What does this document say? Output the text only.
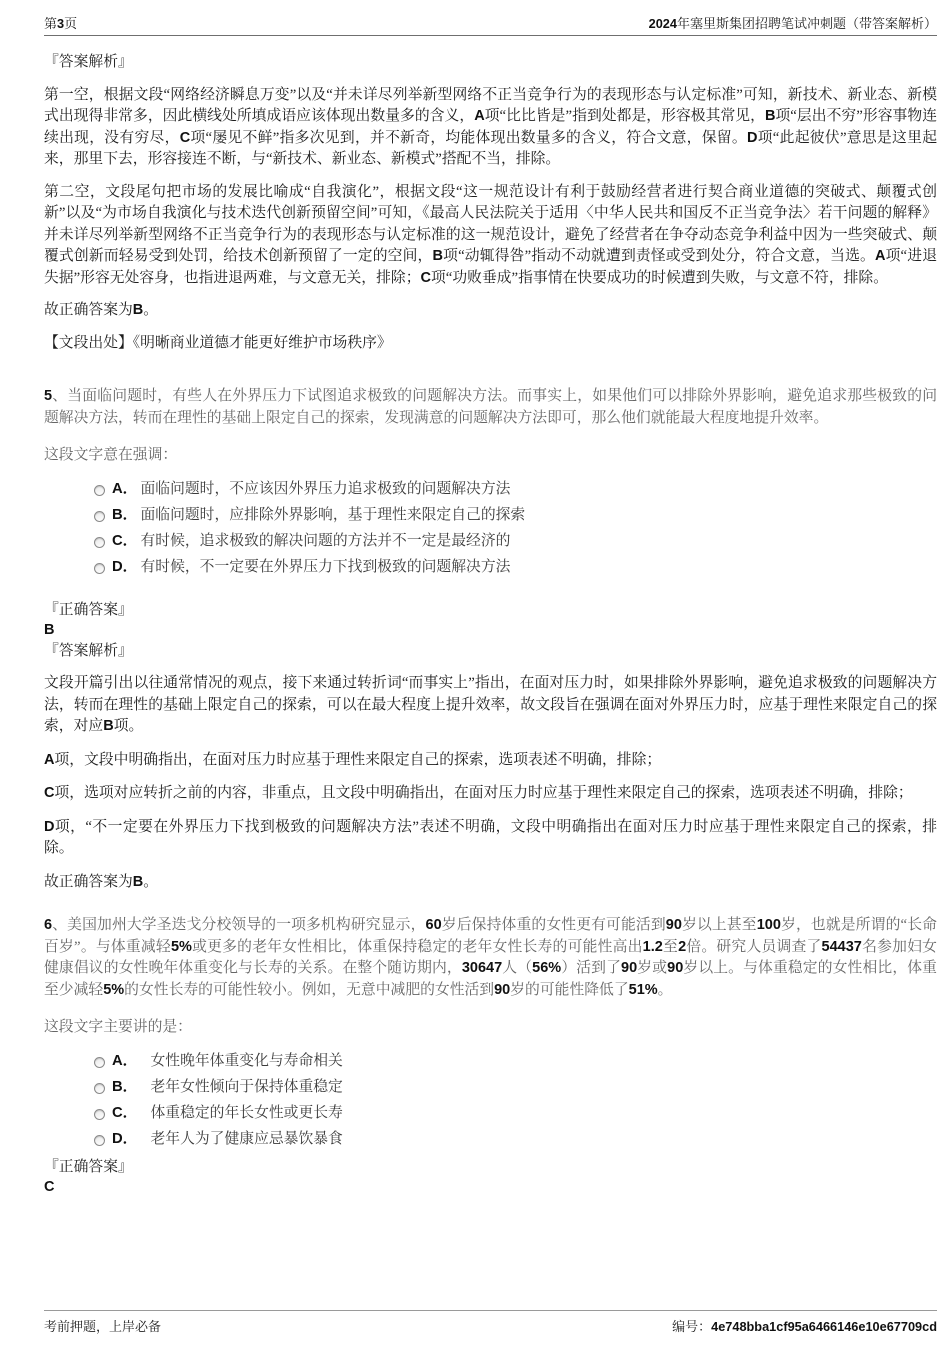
第3页	2024年塞里斯集团招聘笔试冲刺题（带答案解析）

『答案解析』

第一空，根据文段“网络经济瞬息万变”以及“并未详尽列举新型网络不正当竞争行为的表现形态与认定标准”可知，新技术、新业态、新模式出现得非常多，因此横线处所填成语应该体现出数量多的含义，A项“比比皆是”指到处都是，形容极其常见，B项“层出不穷”形容事物连续出现，没有穷尽，C项“屡见不鲜”指多次见到，并不新奇，均能体现出数量多的含义，符合文意，保留。D项“此起彼伏”意思是这里起来，那里下去，形容接连不断，与“新技术、新业态、新模式”搭配不当，排除。

第二空，文段尾句把市场的发展比喻成“自我演化”，根据文段“这一规范设计有利于鼓励经营者进行契合商业道德的突破式、颠覆式创新”以及“为市场自我演化与技术迭代创新预留空间”可知，《最高人民法院关于适用〈中华人民共和国反不正当竞争法〉若干问题的解释》并未详尽列举新型网络不正当竞争行为的表现形态与认定标准的这一规范设计，避免了经营者在争夺动态竞争利益中因为一些突破式、颠覆式创新而轻易受到处罚，给技术创新预留了一定的空间，B项“动辄得咎”指动不动就遭到责怪或受到处分，符合文意，当选。A项“进退失据”形容无处容身，也指进退两难，与文意无关，排除；C项“功败垂成”指事情在快要成功的时候遭到失败，与文意不符，排除。

故正确答案为B。

【文段出处】《明晰商业道德才能更好维护市场秩序》

5、当面临问题时，有些人在外界压力下试图追求极致的问题解决方法。而事实上，如果他们可以排除外界影响，避免追求那些极致的问题解决方法，转而在理性的基础上限定自己的探索，发现满意的问题解决方法即可，那么他们就能最大程度地提升效率。

这段文字意在强调：

A． 面临问题时，不应该因外界压力追求极致的问题解决方法
B． 面临问题时，应排除外界影响，基于理性来限定自己的探索
C． 有时候，追求极致的解决问题的方法并不一定是最经济的
D． 有时候，不一定要在外界压力下找到极致的问题解决方法
『正确答案』
B
『答案解析』

文段开篇引出以往通常情况的观点，接下来通过转折词“而事实上”指出，在面对压力时，如果排除外界影响，避免追求极致的问题解决方法，转而在理性的基础上限定自己的探索，可以在最大程度上提升效率，故文段旨在强调在面对外界压力时，应基于理性来限定自己的探索，对应B项。

A项，文段中明确指出，在面对压力时应基于理性来限定自己的探索，选项表述不明确，排除；

C项，选项对应转折之前的内容，非重点，且文段中明确指出，在面对压力时应基于理性来限定自己的探索，选项表述不明确，排除；

D项，“不一定要在外界压力下找到极致的问题解决方法”表述不明确，文段中明确指出在面对压力时应基于理性来限定自己的探索，排除。

故正确答案为B。

6、美国加州大学圣迭戈分校领导的一项多机构研究显示，60岁后保持体重的女性更有可能活到90岁以上甚至100岁，也就是所谓的“长命百岁”。与体重减轻5%或更多的老年女性相比，体重保持稳定的老年女性长寿的可能性高出1.2至2倍。研究人员调查了54437名参加妇女健康倡议的女性晚年体重变化与长寿的关系。在整个随访期内，30647人（56%）活到了90岁或90岁以上。与体重稳定的女性相比，体重至少减轻5%的女性长寿的可能性较小。例如，无意中减肥的女性活到90岁的可能性降低了51%。

这段文字主要讲的是：

A． 女性晚年体重变化与寿命相关
B． 老年女性倾向于保持体重稳定
C． 体重稳定的年长女性或更长寿
D． 老年人为了健康应忌暴饮暴食
『正确答案』
C
考前押题，上岸必备	编号：4e748bba1cf95a6466146e10e67709cd
